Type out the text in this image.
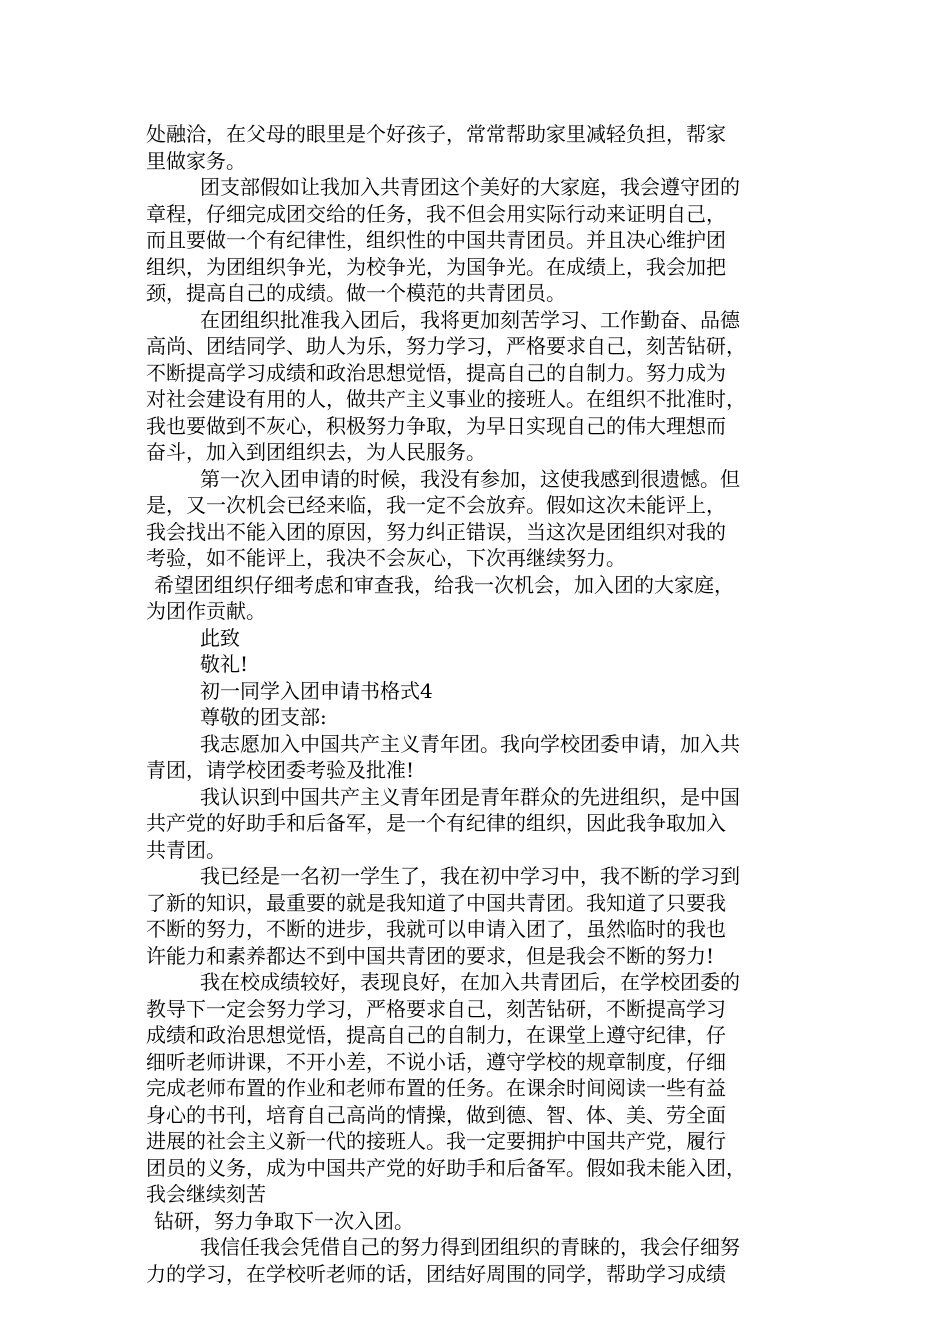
处融洽，在父母的眼里是个好孩子，常常帮助家里减轻负担，帮家
里做家务。
团支部假如让我加入共青团这个美好的大家庭，我会遵守团的
章程，仔细完成团交给的任务，我不但会用实际行动来证明自己，
而且要做一个有纪律性，组织性的中国共青团员。并且决心维护团
组织，为团组织争光，为校争光，为国争光。在成绩上，我会加把
颈，提高自己的成绩。做一个模范的共青团员。
在团组织批准我入团后，我将更加刻苦学习、工作勤奋、品德
高尚、团结同学、助人为乐，努力学习，严格要求自己，刻苦钻研，
不断提高学习成绩和政治思想觉悟，提高自己的自制力。努力成为
对社会建设有用的人，做共产主义事业的接班人。在组织不批准时，
我也要做到不灰心，积极努力争取，为早日实现自己的伟大理想而
奋斗，加入到团组织去，为人民服务。
第一次入团申请的时候，我没有参加，这使我感到很遗憾。但
是，又一次机会已经来临，我一定不会放弃。假如这次未能评上，
我会找出不能入团的原因，努力纠正错误，当这次是团组织对我的
考验，如不能评上，我决不会灰心，下次再继续努力。
希望团组织仔细考虑和审查我，给我一次机会，加入团的大家庭，
为团作贡献。
此致
敬礼!
初一同学入团申请书格式4
尊敬的团支部:
我志愿加入中国共产主义青年团。我向学校团委申请，加入共
青团，请学校团委考验及批准!
我认识到中国共产主义青年团是青年群众的先进组织，是中国
共产党的好助手和后备军，是一个有纪律的组织，因此我争取加入
共青团。
我已经是一名初一学生了，我在初中学习中，我不断的学习到
了新的知识，最重要的就是我知道了中国共青团。我知道了只要我
不断的努力，不断的进步，我就可以申请入团了，虽然临时的我也
许能力和素养都达不到中国共青团的要求，但是我会不断的努力!
我在校成绩较好，表现良好，在加入共青团后，在学校团委的
教导下一定会努力学习，严格要求自己，刻苦钻研，不断提高学习
成绩和政治思想觉悟，提高自己的自制力，在课堂上遵守纪律，仔
细听老师讲课，不开小差，不说小话，遵守学校的规章制度，仔细
完成老师布置的作业和老师布置的任务。在课余时间阅读一些有益
身心的书刊，培育自己高尚的情操，做到德、智、体、美、劳全面
进展的社会主义新一代的接班人。我一定要拥护中国共产党，履行
团员的义务，成为中国共产党的好助手和后备军。假如我未能入团，
我会继续刻苦
钻研，努力争取下一次入团。
我信任我会凭借自己的努力得到团组织的青睐的，我会仔细努
力的学习，在学校听老师的话，团结好周围的同学，帮助学习成绩
